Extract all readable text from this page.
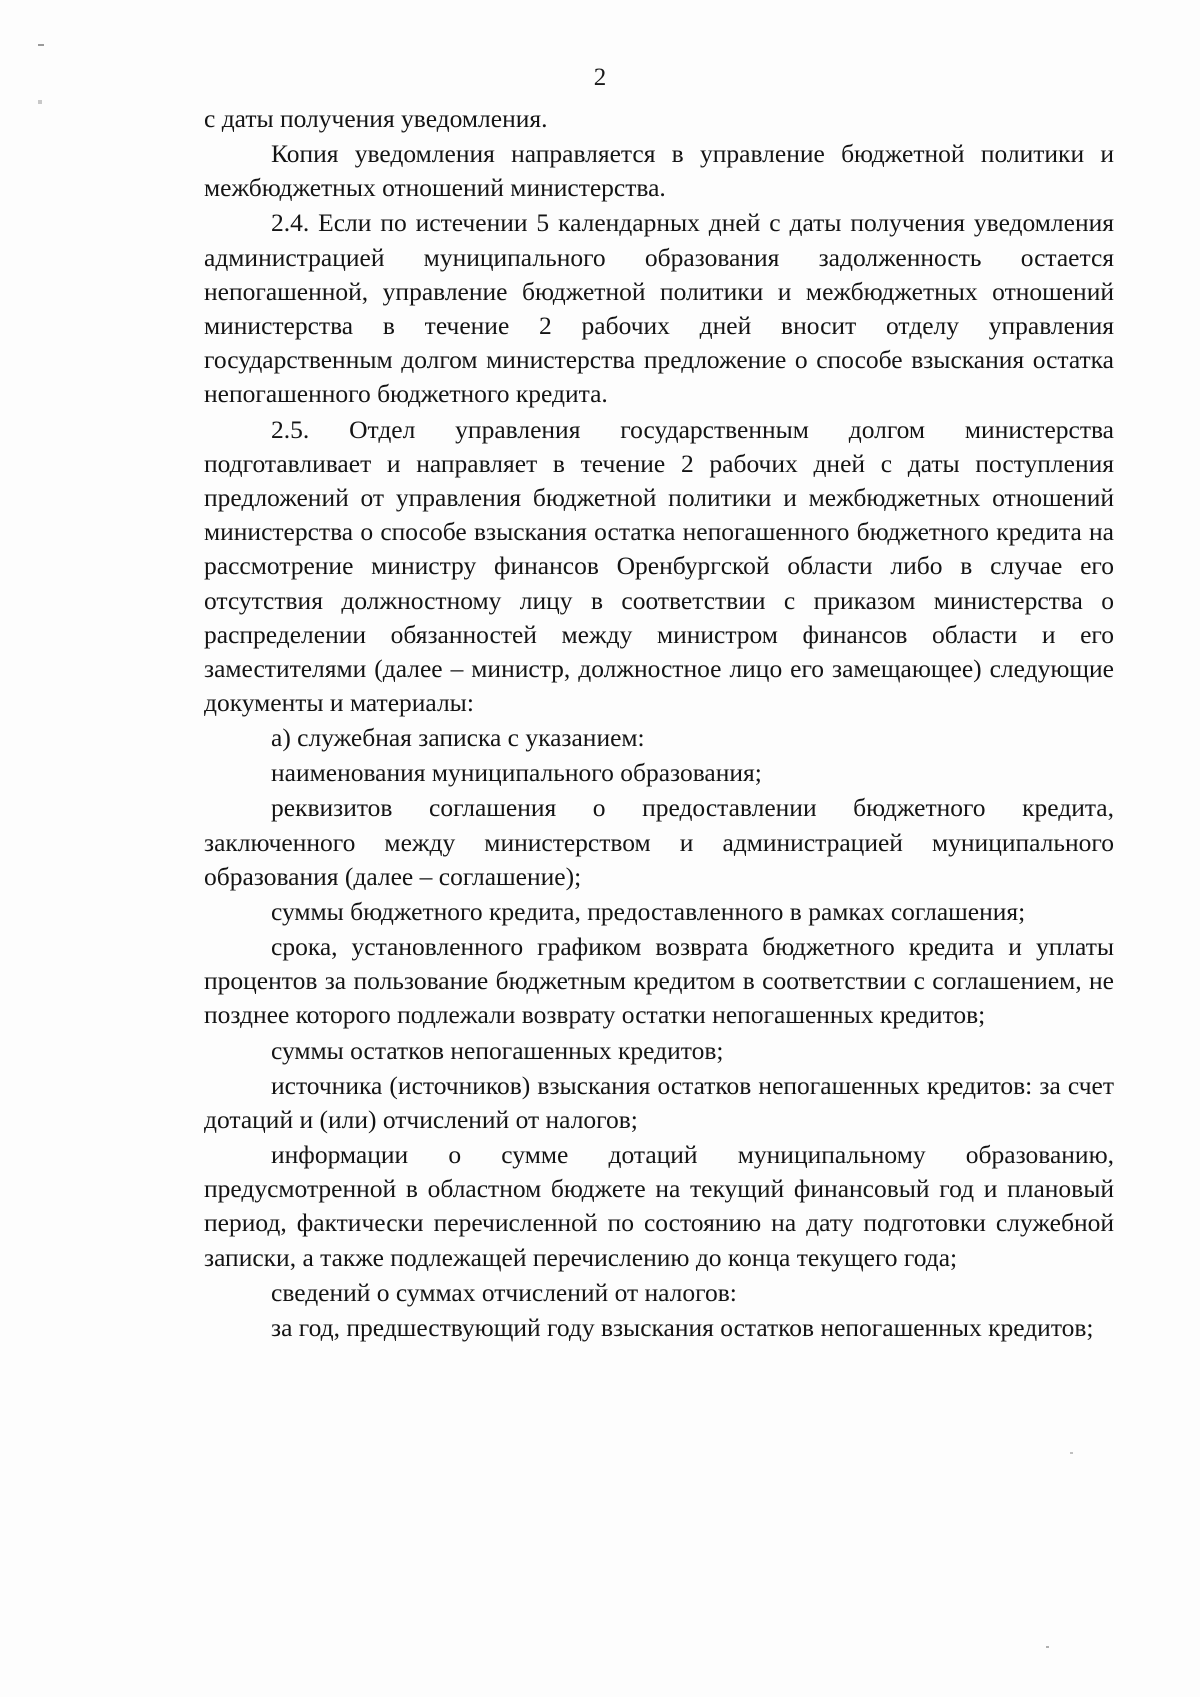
2

с даты получения уведомления.

Копия уведомления направляется в управление бюджетной политики и межбюджетных отношений министерства.

2.4. Если по истечении 5 календарных дней с даты получения уведомления администрацией муниципального образования задолженность остается непогашенной, управление бюджетной политики и межбюджетных отношений министерства в течение 2 рабочих дней вносит отделу управления государственным долгом министерства предложение о способе взыскания остатка непогашенного бюджетного кредита.

2.5. Отдел управления государственным долгом министерства подготавливает и направляет в течение 2 рабочих дней с даты поступления предложений от управления бюджетной политики и межбюджетных отношений министерства о способе взыскания остатка непогашенного бюджетного кредита на рассмотрение министру финансов Оренбургской области либо в случае его отсутствия должностному лицу в соответствии с приказом министерства о распределении обязанностей между министром финансов области и его заместителями (далее – министр, должностное лицо его замещающее) следующие документы и материалы:

а) служебная записка с указанием:

наименования муниципального образования;

реквизитов соглашения о предоставлении бюджетного кредита, заключенного между министерством и администрацией муниципального образования (далее – соглашение);

суммы бюджетного кредита, предоставленного в рамках соглашения;

срока, установленного графиком возврата бюджетного кредита и уплаты процентов за пользование бюджетным кредитом в соответствии с соглашением, не позднее которого подлежали возврату остатки непогашенных кредитов;

суммы остатков непогашенных кредитов;

источника (источников) взыскания остатков непогашенных кредитов: за счет дотаций и (или) отчислений от налогов;

информации о сумме дотаций муниципальному образованию, предусмотренной в областном бюджете на текущий финансовый год и плановый период, фактически перечисленной по состоянию на дату подготовки служебной записки, а также подлежащей перечислению до конца текущего года;

сведений о суммах отчислений от налогов:

за год, предшествующий году взыскания остатков непогашенных кредитов;
